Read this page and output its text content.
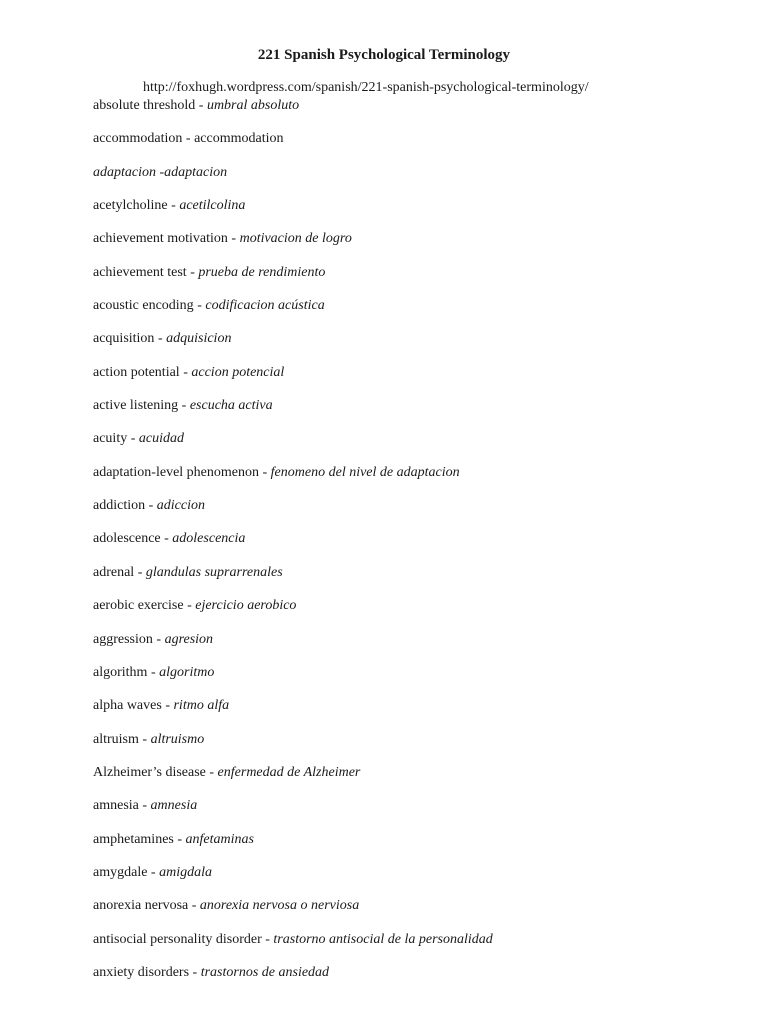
221 Spanish Psychological Terminology
http://foxhugh.wordpress.com/spanish/221-spanish-psychological-terminology/
absolute threshold - umbral absoluto
accommodation - accommodation
adaptacion -adaptacion
acetylcholine - acetilcolina
achievement motivation - motivacion de logro
achievement test - prueba de rendimiento
acoustic encoding - codificacion acústica
acquisition - adquisicion
action potential - accion potencial
active listening - escucha activa
acuity - acuidad
adaptation-level phenomenon - fenomeno del nivel de adaptacion
addiction - adiccion
adolescence - adolescencia
adrenal - glandulas suprarrenales
aerobic exercise - ejercicio aerobico
aggression - agresion
algorithm - algoritmo
alpha waves - ritmo alfa
altruism - altruismo
Alzheimer’s disease - enfermedad de Alzheimer
amnesia - amnesia
amphetamines - anfetaminas
amygdale - amigdala
anorexia nervosa - anorexia nervosa o nerviosa
antisocial personality disorder - trastorno antisocial de la personalidad
anxiety disorders - trastornos de ansiedad
